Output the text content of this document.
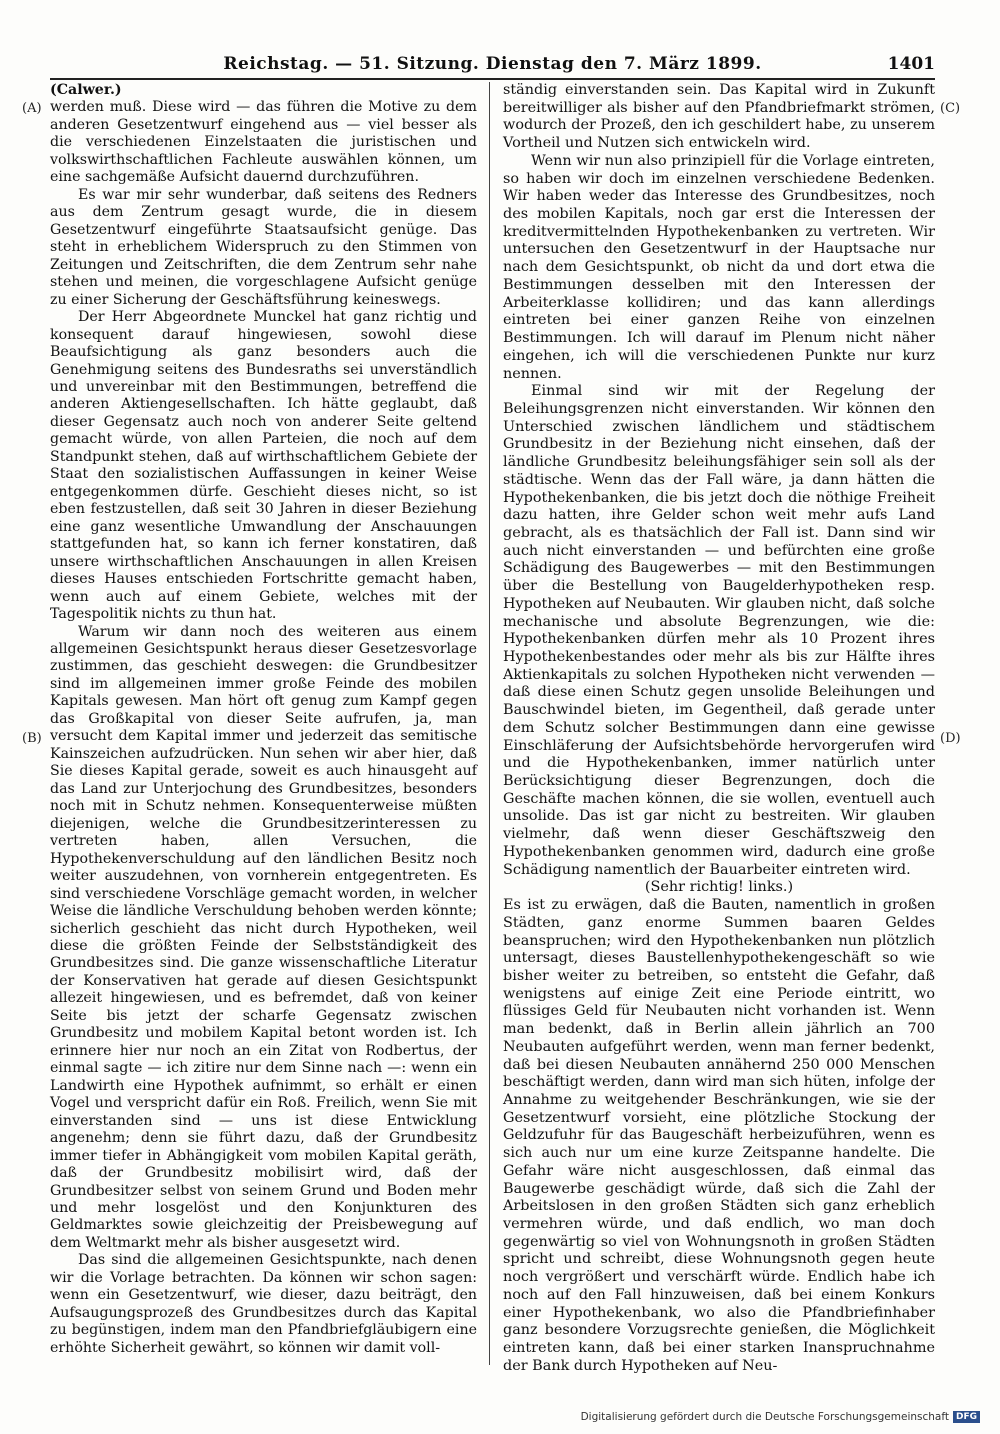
Reichstag. — 51. Sitzung. Dienstag den 7. März 1899.	1401
(A)
(B)
(C)
(D)

(Calwer.)

werden muß. Diese wird — das führen die Motive zu dem anderen Gesetzentwurf eingehend aus — viel besser als die verschiedenen Einzelstaaten die juristischen und volkswirthschaftlichen Fachleute auswählen können, um eine sachgemäße Aufsicht dauernd durchzuführen.

Es war mir sehr wunderbar, daß seitens des Redners aus dem Zentrum gesagt wurde, die in diesem Gesetzentwurf eingeführte Staatsaufsicht genüge. Das steht in erheblichem Widerspruch zu den Stimmen von Zeitungen und Zeitschriften, die dem Zentrum sehr nahe stehen und meinen, die vorgeschlagene Aufsicht genüge zu einer Sicherung der Geschäftsführung keineswegs.

Der Herr Abgeordnete Munckel hat ganz richtig und konsequent darauf hingewiesen, sowohl diese Beaufsichtigung als ganz besonders auch die Genehmigung seitens des Bundesraths sei unverständlich und unvereinbar mit den Bestimmungen, betreffend die anderen Aktiengesellschaften. Ich hätte geglaubt, daß dieser Gegensatz auch noch von anderer Seite geltend gemacht würde, von allen Parteien, die noch auf dem Standpunkt stehen, daß auf wirthschaftlichem Gebiete der Staat den sozialistischen Auffassungen in keiner Weise entgegenkommen dürfe. Geschieht dieses nicht, so ist eben festzustellen, daß seit 30 Jahren in dieser Beziehung eine ganz wesentliche Umwandlung der Anschauungen stattgefunden hat, so kann ich ferner konstatiren, daß unsere wirthschaftlichen Anschauungen in allen Kreisen dieses Hauses entschieden Fortschritte gemacht haben, wenn auch auf einem Gebiete, welches mit der Tagespolitik nichts zu thun hat.

Warum wir dann noch des weiteren aus einem allgemeinen Gesichtspunkt heraus dieser Gesetzesvorlage zustimmen, das geschieht deswegen: die Grundbesitzer sind im allgemeinen immer große Feinde des mobilen Kapitals gewesen. Man hört oft genug zum Kampf gegen das Großkapital von dieser Seite aufrufen, ja, man versucht dem Kapital immer und jederzeit das semitische Kainszeichen aufzudrücken. Nun sehen wir aber hier, daß Sie dieses Kapital gerade, soweit es auch hinausgeht auf das Land zur Unterjochung des Grundbesitzes, besonders noch mit in Schutz nehmen. Konsequenterweise müßten diejenigen, welche die Grundbesitzerinteressen zu vertreten haben, allen Versuchen, die Hypothekenverschuldung auf den ländlichen Besitz noch weiter auszudehnen, von vornherein entgegentreten. Es sind verschiedene Vorschläge gemacht worden, in welcher Weise die ländliche Verschuldung behoben werden könnte; sicherlich geschieht das nicht durch Hypotheken, weil diese die größten Feinde der Selbstständigkeit des Grundbesitzes sind. Die ganze wissenschaftliche Literatur der Konservativen hat gerade auf diesen Gesichtspunkt allezeit hingewiesen, und es befremdet, daß von keiner Seite bis jetzt der scharfe Gegensatz zwischen Grundbesitz und mobilem Kapital betont worden ist. Ich erinnere hier nur noch an ein Zitat von Rodbertus, der einmal sagte — ich zitire nur dem Sinne nach —: wenn ein Landwirth eine Hypothek aufnimmt, so erhält er einen Vogel und verspricht dafür ein Roß. Freilich, wenn Sie mit einverstanden sind — uns ist diese Entwicklung angenehm; denn sie führt dazu, daß der Grundbesitz immer tiefer in Abhängigkeit vom mobilen Kapital geräth, daß der Grundbesitz mobilisirt wird, daß der Grundbesitzer selbst von seinem Grund und Boden mehr und mehr losgelöst und den Konjunkturen des Geldmarktes sowie gleichzeitig der Preisbewegung auf dem Weltmarkt mehr als bisher ausgesetzt wird.

Das sind die allgemeinen Gesichtspunkte, nach denen wir die Vorlage betrachten. Da können wir schon sagen: wenn ein Gesetzentwurf, wie dieser, dazu beiträgt, den Aufsaugungsprozeß des Grundbesitzes durch das Kapital zu begünstigen, indem man den Pfandbriefgläubigern eine erhöhte Sicherheit gewährt, so können wir damit voll-

ständig einverstanden sein. Das Kapital wird in Zukunft bereitwilliger als bisher auf den Pfandbriefmarkt strömen, wodurch der Prozeß, den ich geschildert habe, zu unserem Vortheil und Nutzen sich entwickeln wird.

Wenn wir nun also prinzipiell für die Vorlage eintreten, so haben wir doch im einzelnen verschiedene Bedenken. Wir haben weder das Interesse des Grundbesitzes, noch des mobilen Kapitals, noch gar erst die Interessen der kreditvermittelnden Hypothekenbanken zu vertreten. Wir untersuchen den Gesetzentwurf in der Hauptsache nur nach dem Gesichtspunkt, ob nicht da und dort etwa die Bestimmungen desselben mit den Interessen der Arbeiterklasse kollidiren; und das kann allerdings eintreten bei einer ganzen Reihe von einzelnen Bestimmungen. Ich will darauf im Plenum nicht näher eingehen, ich will die verschiedenen Punkte nur kurz nennen.

Einmal sind wir mit der Regelung der Beleihungsgrenzen nicht einverstanden. Wir können den Unterschied zwischen ländlichem und städtischem Grundbesitz in der Beziehung nicht einsehen, daß der ländliche Grundbesitz beleihungsfähiger sein soll als der städtische. Wenn das der Fall wäre, ja dann hätten die Hypothekenbanken, die bis jetzt doch die nöthige Freiheit dazu hatten, ihre Gelder schon weit mehr aufs Land gebracht, als es thatsächlich der Fall ist. Dann sind wir auch nicht einverstanden — und befürchten eine große Schädigung des Baugewerbes — mit den Bestimmungen über die Bestellung von Baugelderhypotheken resp. Hypotheken auf Neubauten. Wir glauben nicht, daß solche mechanische und absolute Begrenzungen, wie die: Hypothekenbanken dürfen mehr als 10 Prozent ihres Hypothekenbestandes oder mehr als bis zur Hälfte ihres Aktienkapitals zu solchen Hypotheken nicht verwenden — daß diese einen Schutz gegen unsolide Beleihungen und Bauschwindel bieten, im Gegentheil, daß gerade unter dem Schutz solcher Bestimmungen dann eine gewisse Einschläferung der Aufsichtsbehörde hervorgerufen wird und die Hypothekenbanken, immer natürlich unter Berücksichtigung dieser Begrenzungen, doch die Geschäfte machen können, die sie wollen, eventuell auch unsolide. Das ist gar nicht zu bestreiten. Wir glauben vielmehr, daß wenn dieser Geschäftszweig den Hypothekenbanken genommen wird, dadurch eine große Schädigung namentlich der Bauarbeiter eintreten wird.

(Sehr richtig! links.)

Es ist zu erwägen, daß die Bauten, namentlich in großen Städten, ganz enorme Summen baaren Geldes beanspruchen; wird den Hypothekenbanken nun plötzlich untersagt, dieses Baustellenhypothekengeschäft so wie bisher weiter zu betreiben, so entsteht die Gefahr, daß wenigstens auf einige Zeit eine Periode eintritt, wo flüssiges Geld für Neubauten nicht vorhanden ist. Wenn man bedenkt, daß in Berlin allein jährlich an 700 Neubauten aufgeführt werden, wenn man ferner bedenkt, daß bei diesen Neubauten annähernd 250 000 Menschen beschäftigt werden, dann wird man sich hüten, infolge der Annahme zu weitgehender Beschränkungen, wie sie der Gesetzentwurf vorsieht, eine plötzliche Stockung der Geldzufuhr für das Baugeschäft herbeizuführen, wenn es sich auch nur um eine kurze Zeitspanne handelte. Die Gefahr wäre nicht ausgeschlossen, daß einmal das Baugewerbe geschädigt würde, daß sich die Zahl der Arbeitslosen in den großen Städten sich ganz erheblich vermehren würde, und daß endlich, wo man doch gegenwärtig so viel von Wohnungsnoth in großen Städten spricht und schreibt, diese Wohnungsnoth gegen heute noch vergrößert und verschärft würde. Endlich habe ich noch auf den Fall hinzuweisen, daß bei einem Konkurs einer Hypothekenbank, wo also die Pfandbriefinhaber ganz besondere Vorzugsrechte genießen, die Möglichkeit eintreten kann, daß bei einer starken Inanspruchnahme der Bank durch Hypotheken auf Neu-

Digitalisierung gefördert durch die Deutsche Forschungsgemeinschaft DFG
